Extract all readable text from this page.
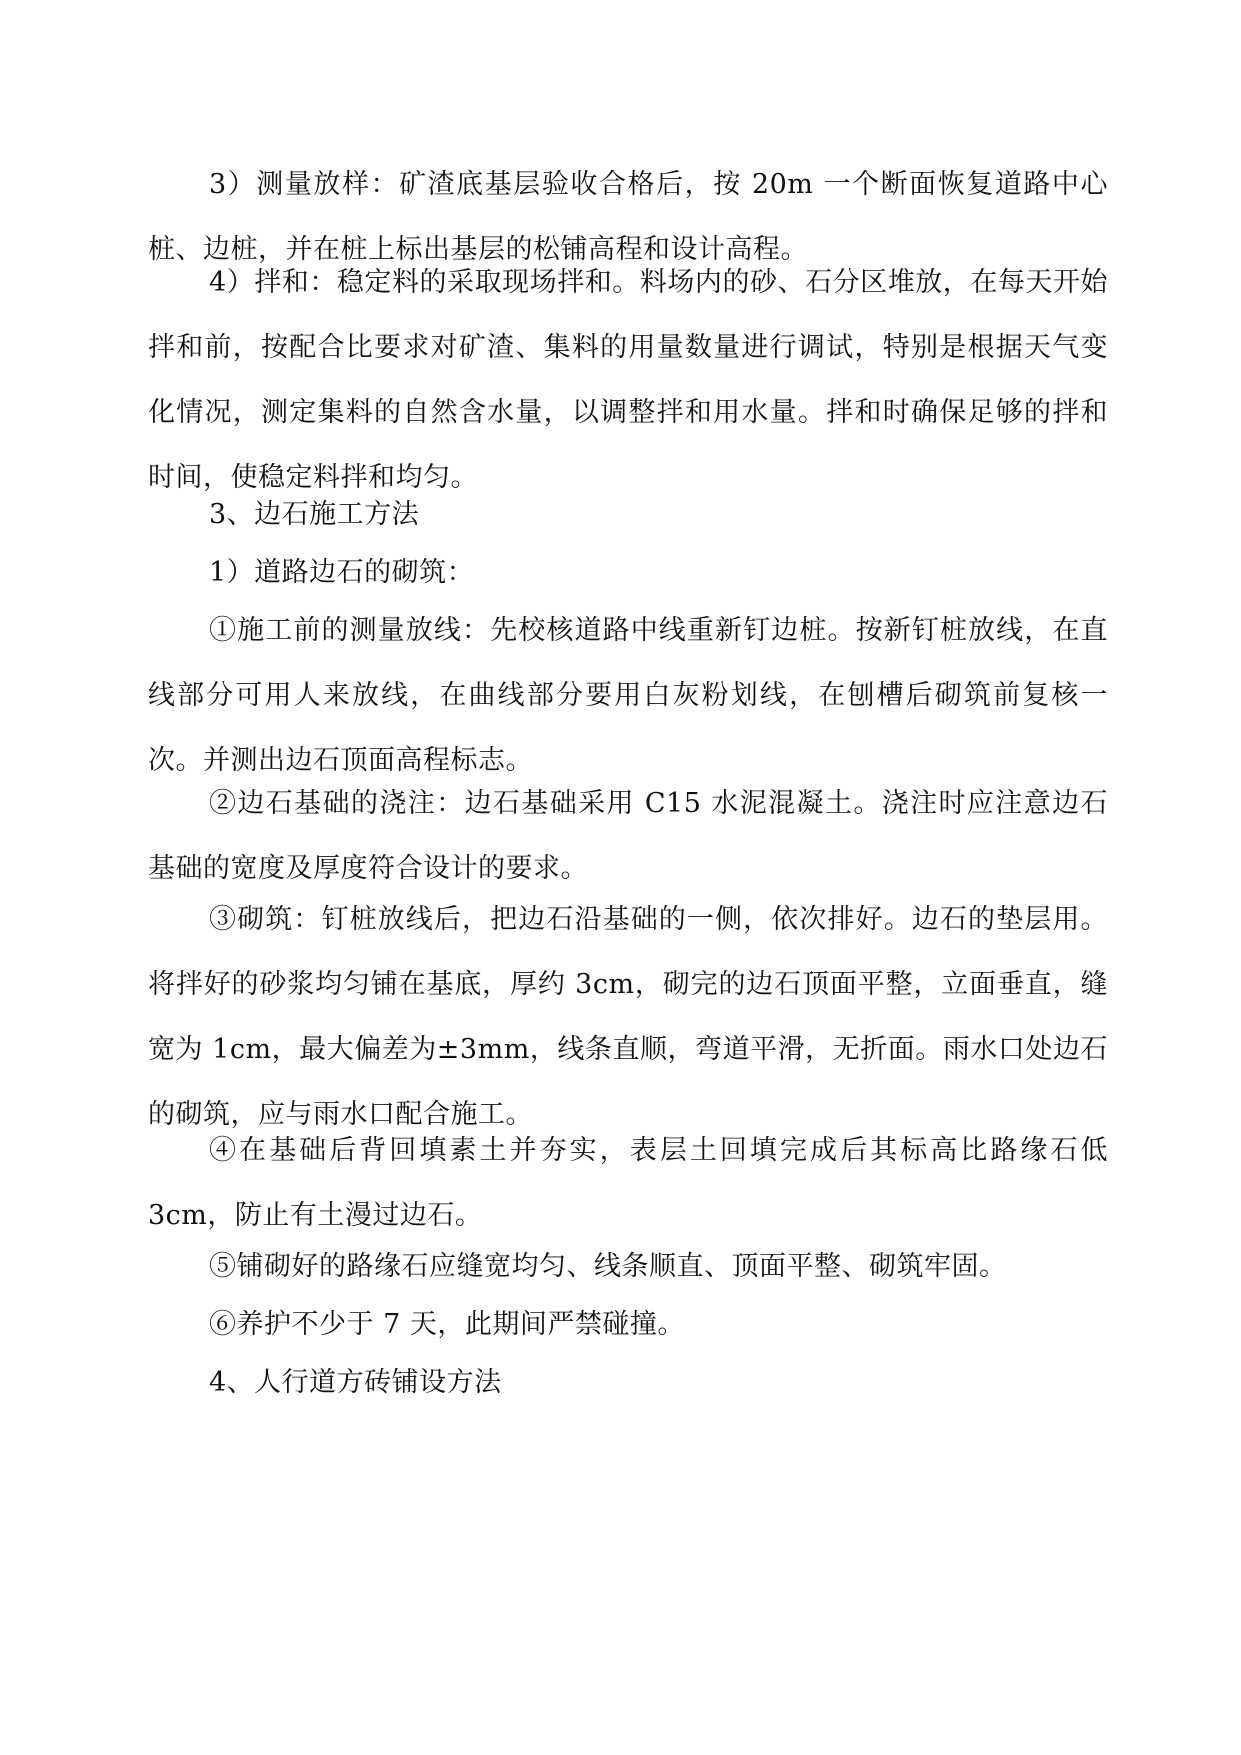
3）测量放样：矿渣底基层验收合格后，按 20m 一个断面恢复道路中心桩、边桩，并在桩上标出基层的松铺高程和设计高程。

4）拌和：稳定料的采取现场拌和。料场内的砂、石分区堆放，在每天开始拌和前，按配合比要求对矿渣、集料的用量数量进行调试，特别是根据天气变化情况，测定集料的自然含水量，以调整拌和用水量。拌和时确保足够的拌和时间，使稳定料拌和均匀。

3、边石施工方法

1）道路边石的砌筑：

①施工前的测量放线：先校核道路中线重新钉边桩。按新钉桩放线，在直线部分可用人来放线，在曲线部分要用白灰粉划线，在刨槽后砌筑前复核一次。并测出边石顶面高程标志。

②边石基础的浇注：边石基础采用 C15 水泥混凝土。浇注时应注意边石基础的宽度及厚度符合设计的要求。

③砌筑：钉桩放线后，把边石沿基础的一侧，依次排好。边石的垫层用。将拌好的砂浆均匀铺在基底，厚约 3cm，砌完的边石顶面平整，立面垂直，缝宽为 1cm，最大偏差为±3mm，线条直顺，弯道平滑，无折面。雨水口处边石的砌筑，应与雨水口配合施工。

④在基础后背回填素土并夯实，表层土回填完成后其标高比路缘石低3cm，防止有土漫过边石。

⑤铺砌好的路缘石应缝宽均匀、线条顺直、顶面平整、砌筑牢固。

⑥养护不少于 7 天，此期间严禁碰撞。

4、人行道方砖铺设方法
